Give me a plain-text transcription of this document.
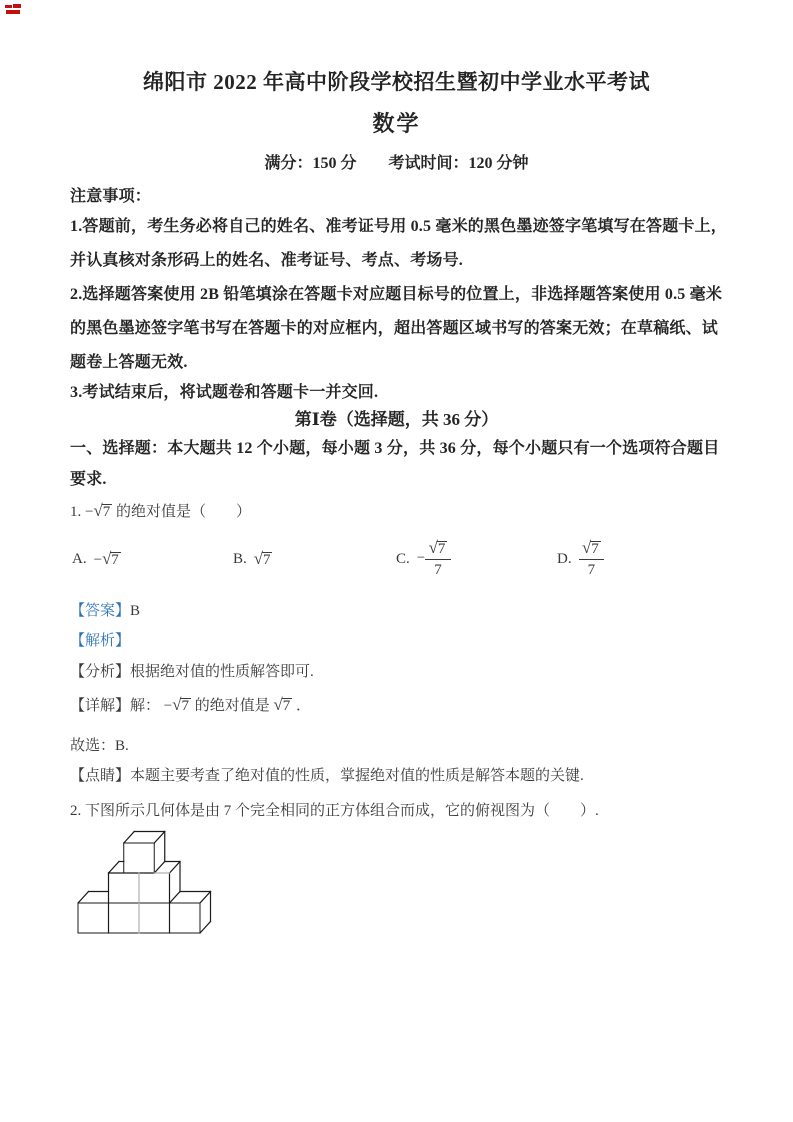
绵阳市 2022 年高中阶段学校招生暨初中学业水平考试
数学
满分：150 分　　考试时间：120 分钟
注意事项：
1.答题前，考生务必将自己的姓名、准考证号用 0.5 毫米的黑色墨迹签字笔填写在答题卡上，
并认真核对条形码上的姓名、准考证号、考点、考场号.
2.选择题答案使用 2B 铅笔填涂在答题卡对应题目标号的位置上，非选择题答案使用 0.5 毫米
的黑色墨迹签字笔书写在答题卡的对应框内，超出答题区域书写的答案无效；在草稿纸、试
题卷上答题无效.
3.考试结束后，将试题卷和答题卡一并交回.
第Ⅰ卷（选择题，共 36 分）
一、选择题：本大题共 12 个小题，每小题 3 分，共 36 分，每个小题只有一个选项符合题目
要求.
1. −√7 的绝对值是（　　）
A. −√7	B. √7	C. − $\frac{√7}{7}$	D. $\frac{√7}{7}$
【答案】B
【解析】
【分析】根据绝对值的性质解答即可.
【详解】解： −√7 的绝对值是 √7 ．
故选：B.
【点睛】本题主要考查了绝对值的性质，掌握绝对值的性质是解答本题的关键.
2. 下图所示几何体是由 7 个完全相同的正方体组合而成，它的俯视图为（　　）.
